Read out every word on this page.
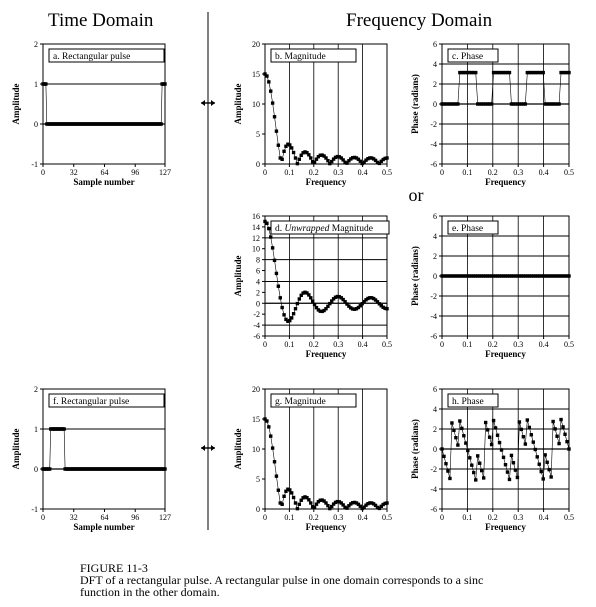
Time Domain	Frequency Domain
or
-1
0
1
2
0	32	64	96 127
Sample number
Amplitude
a. Rectangular pulse
0
5
10
15
20
0 0.1 0.2 0.3 0.4 0.5
Frequency
Amplitude
b. Magnitude
-6
-4
-2
0
2
4
6
0 0.1 0.2 0.3 0.4 0.5
Frequency
Phase (radians)
c. Phase
-6
-4
-2
0
2
4
6
8
10
12
14
16
0 0.1 0.2 0.3 0.4 0.5
Frequency
Amplitude
d. Unwrapped Magnitude
-6
-4
-2
0
2
4
6
0 0.1 0.2 0.3 0.4 0.5
Frequency
Phase (radians)
e. Phase
-1
0
1
2
0	32	64	96 127
Sample number
Amplitude
f. Rectangular pulse
0
5
10
15
20
0 0.1 0.2 0.3 0.4 0.5
Frequency
Amplitude
g. Magnitude
-6
-4
-2
0
2
4
6
0 0.1 0.2 0.3 0.4 0.5
Frequency
Phase (radians)
h. Phase
FIGURE 11-3
DFT of a rectangular pulse. A rectangular pulse in one domain corresponds to a sinc
function in the other domain.
